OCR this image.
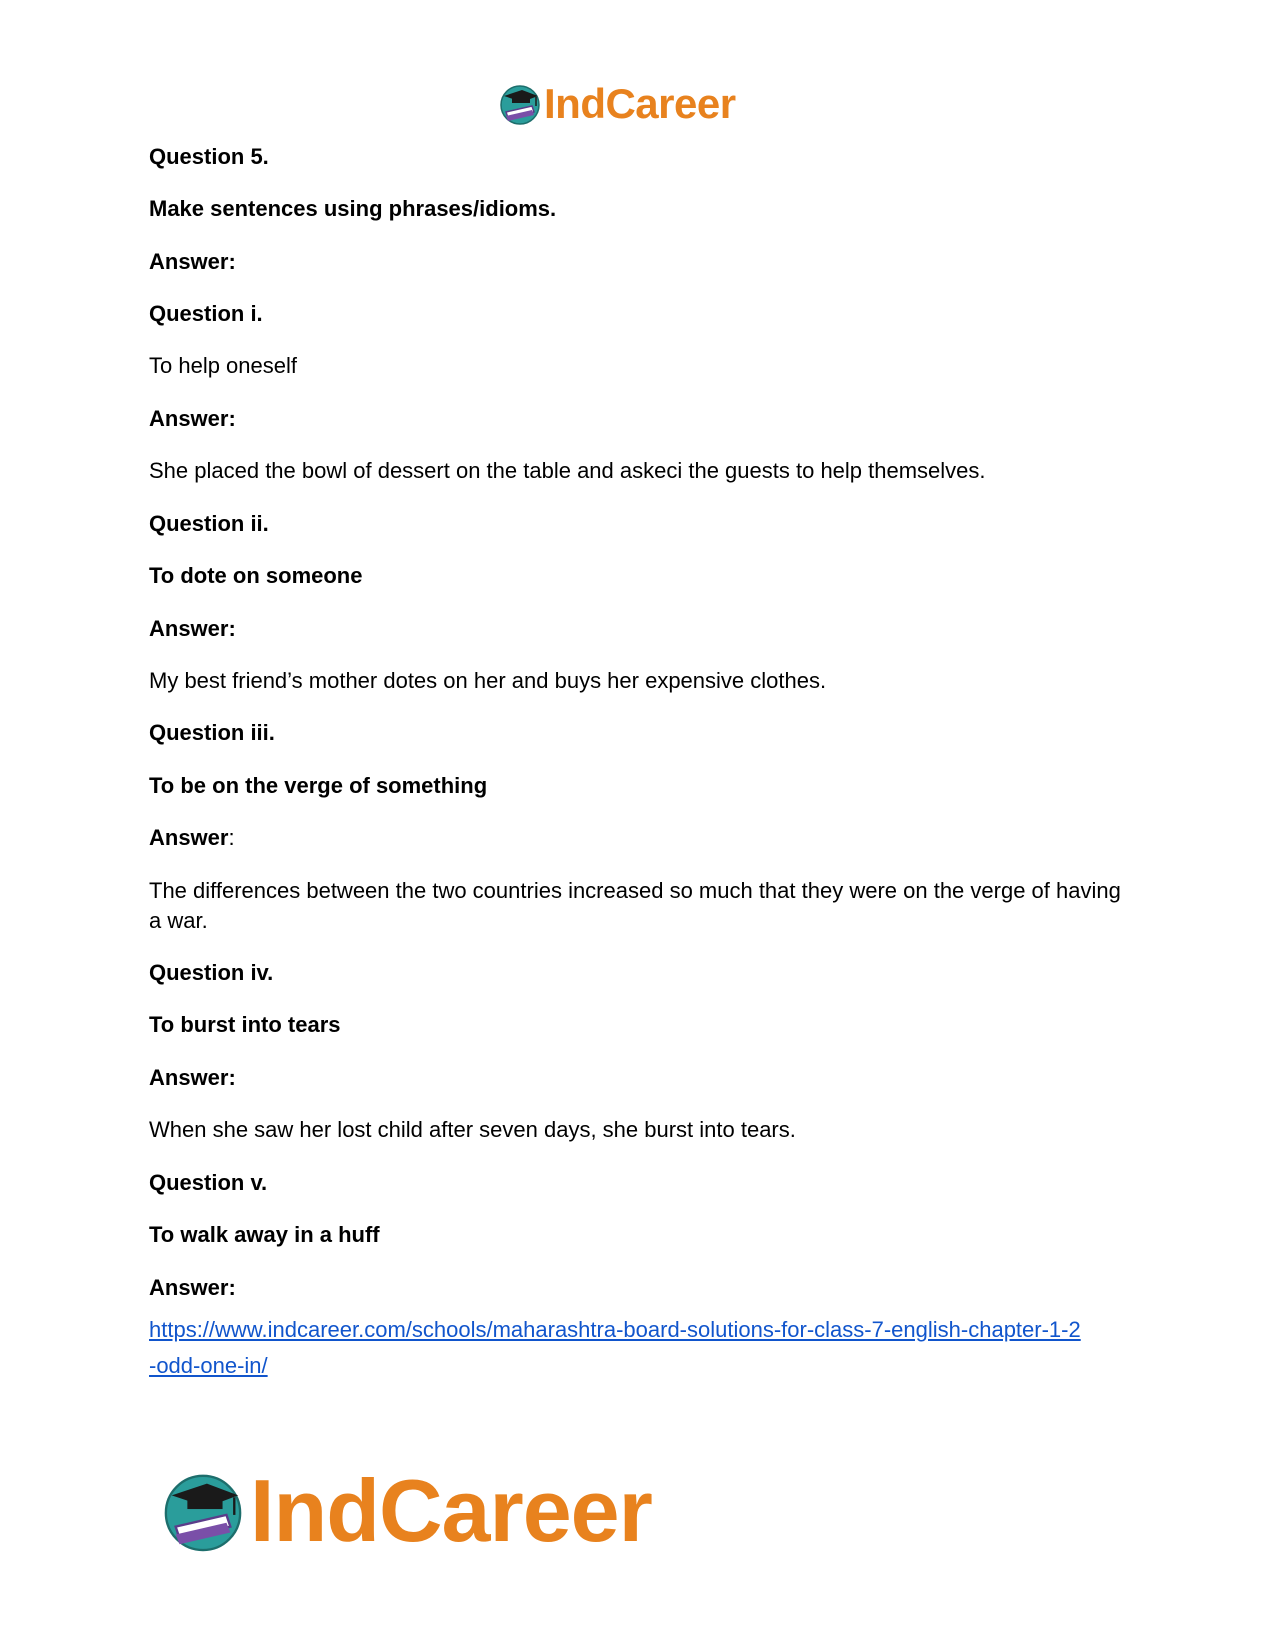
IndCareer
Question 5.
Make sentences using phrases/idioms.
Answer:
Question i.
To help oneself
Answer:
She placed the bowl of dessert on the table and askeci the guests to help themselves.
Question ii.
To dote on someone
Answer:
My best friend’s mother dotes on her and buys her expensive clothes.
Question iii.
To be on the verge of something
Answer:
The differences between the two countries increased so much that they were on the verge of having a war.
Question iv.
To burst into tears
Answer:
When she saw her lost child after seven days, she burst into tears.
Question v.
To walk away in a huff
Answer:
https://www.indcareer.com/schools/maharashtra-board-solutions-for-class-7-english-chapter-1-2
-odd-one-in/
IndCareer
